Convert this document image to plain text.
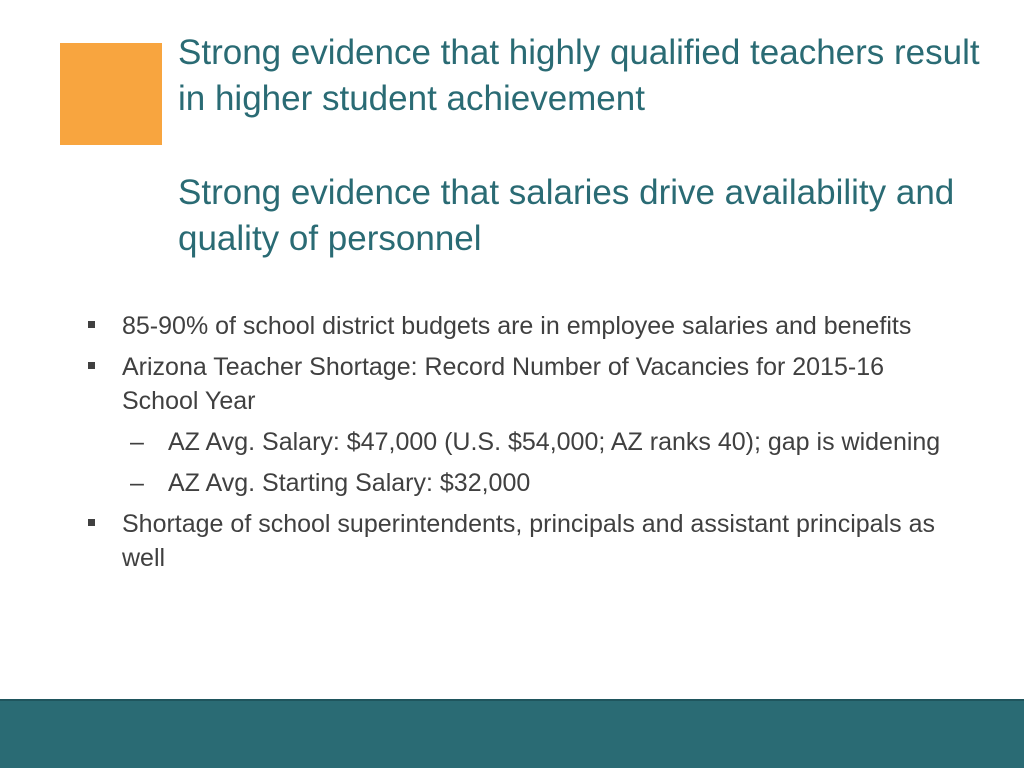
Strong evidence that highly qualified teachers result in higher student achievement

Strong evidence that salaries drive availability and quality of personnel

85-90% of school district budgets are in employee salaries and benefits
Arizona Teacher Shortage: Record Number of Vacancies for 2015-16 School Year
– AZ Avg. Salary: $47,000 (U.S. $54,000; AZ ranks 40); gap is widening
– AZ Avg. Starting Salary: $32,000
Shortage of school superintendents, principals and assistant principals as well
